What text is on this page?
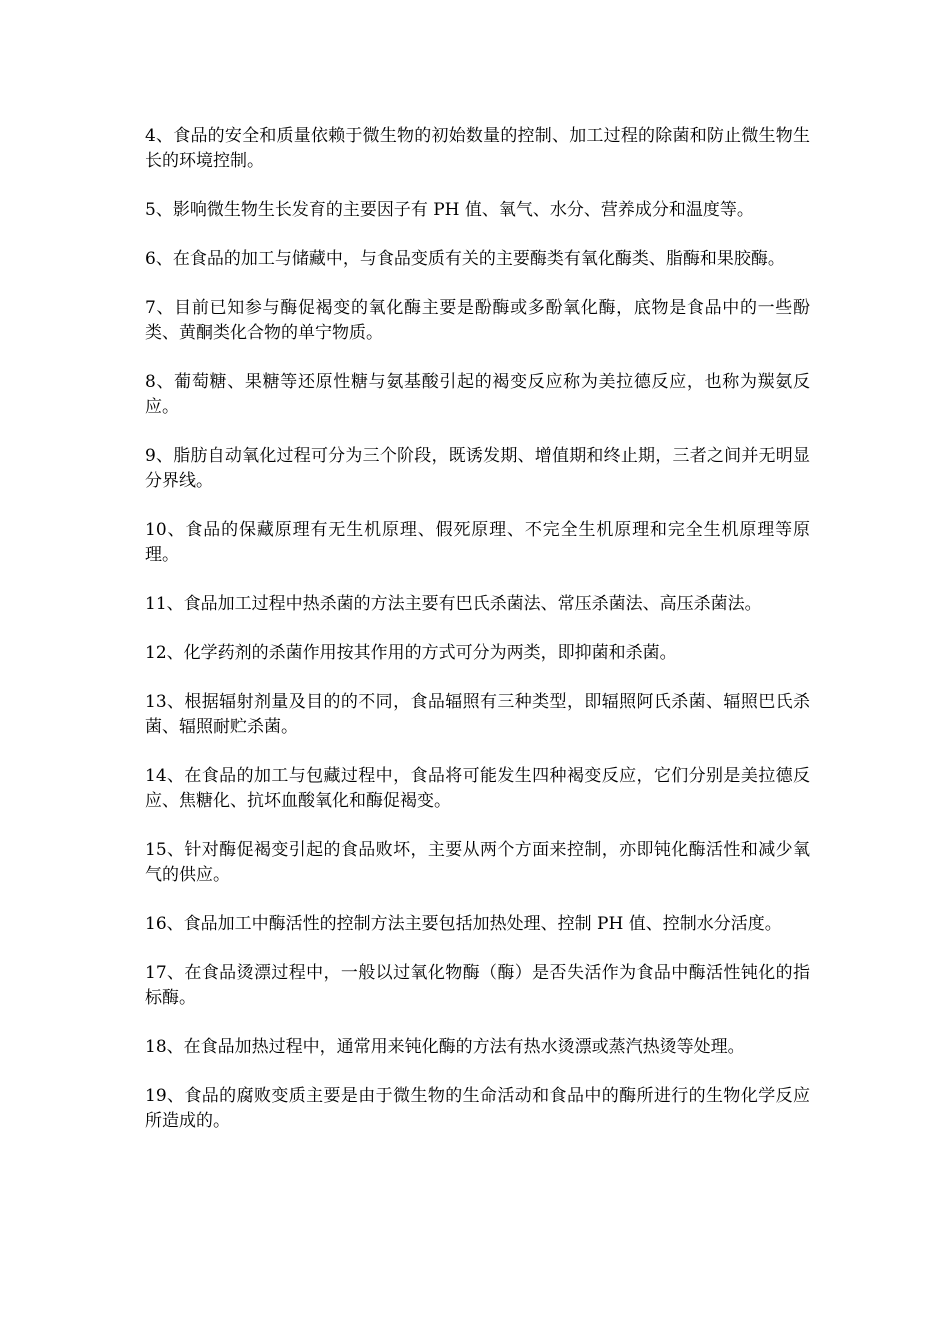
4、食品的安全和质量依赖于微生物的初始数量的控制、加工过程的除菌和防止微生物生长的环境控制。

5、影响微生物生长发育的主要因子有 PH 值、氧气、水分、营养成分和温度等。

6、在食品的加工与储藏中，与食品变质有关的主要酶类有氧化酶类、脂酶和果胶酶。

7、目前已知参与酶促褐变的氧化酶主要是酚酶或多酚氧化酶，底物是食品中的一些酚类、黄酮类化合物的单宁物质。

8、葡萄糖、果糖等还原性糖与氨基酸引起的褐变反应称为美拉德反应，也称为羰氨反应。

9、脂肪自动氧化过程可分为三个阶段，既诱发期、增值期和终止期，三者之间并无明显分界线。

10、食品的保藏原理有无生机原理、假死原理、不完全生机原理和完全生机原理等原理。

11、食品加工过程中热杀菌的方法主要有巴氏杀菌法、常压杀菌法、高压杀菌法。

12、化学药剂的杀菌作用按其作用的方式可分为两类，即抑菌和杀菌。

13、根据辐射剂量及目的的不同，食品辐照有三种类型，即辐照阿氏杀菌、辐照巴氏杀菌、辐照耐贮杀菌。

14、在食品的加工与包藏过程中，食品将可能发生四种褐变反应，它们分别是美拉德反应、焦糖化、抗坏血酸氧化和酶促褐变。

15、针对酶促褐变引起的食品败坏，主要从两个方面来控制，亦即钝化酶活性和减少氧气的供应。

16、食品加工中酶活性的控制方法主要包括加热处理、控制 PH 值、控制水分活度。

17、在食品烫漂过程中，一般以过氧化物酶（酶）是否失活作为食品中酶活性钝化的指标酶。

18、在食品加热过程中，通常用来钝化酶的方法有热水烫漂或蒸汽热烫等处理。

19、食品的腐败变质主要是由于微生物的生命活动和食品中的酶所进行的生物化学反应所造成的。
